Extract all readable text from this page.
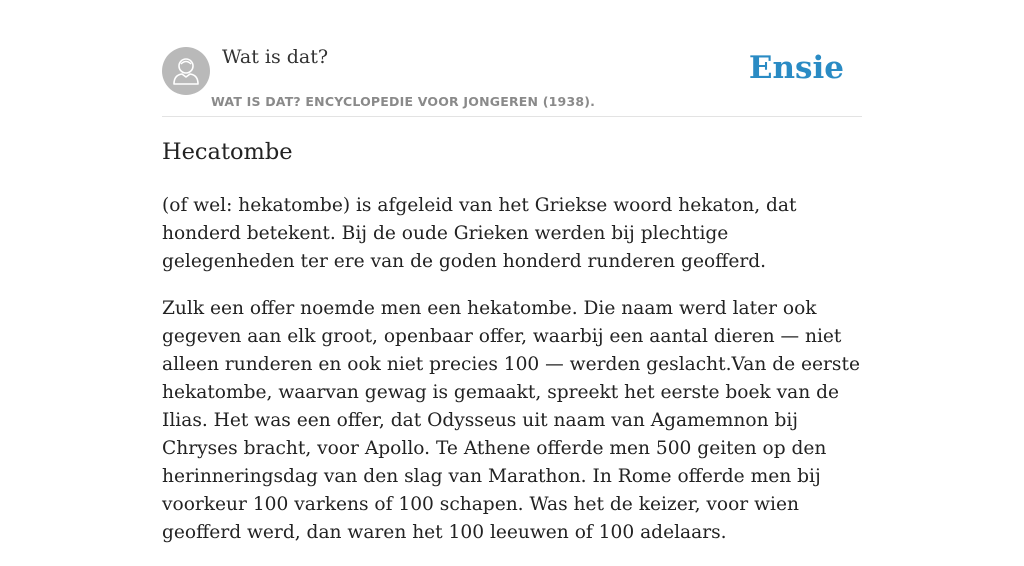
Wat is dat?
WAT IS DAT? ENCYCLOPEDIE VOOR JONGEREN (1938).
Ensie
Hecatombe

(of wel: hekatombe) is afgeleid van het Griekse woord hekaton, dat honderd betekent. Bij de oude Grieken werden bij plechtige gelegenheden ter ere van de goden honderd runderen geofferd.

Zulk een offer noemde men een hekatombe. Die naam werd later ook gegeven aan elk groot, openbaar offer, waarbij een aantal dieren — niet alleen runderen en ook niet precies 100 — werden geslacht.Van de eerste hekatombe, waarvan gewag is gemaakt, spreekt het eerste boek van de Ilias. Het was een offer, dat Odysseus uit naam van Agamemnon bij Chryses bracht, voor Apollo. Te Athene offerde men 500 geiten op den herinneringsdag van den slag van Marathon. In Rome offerde men bij voorkeur 100 varkens of 100 schapen. Was het de keizer, voor wien geofferd werd, dan waren het 100 leeuwen of 100 adelaars.
